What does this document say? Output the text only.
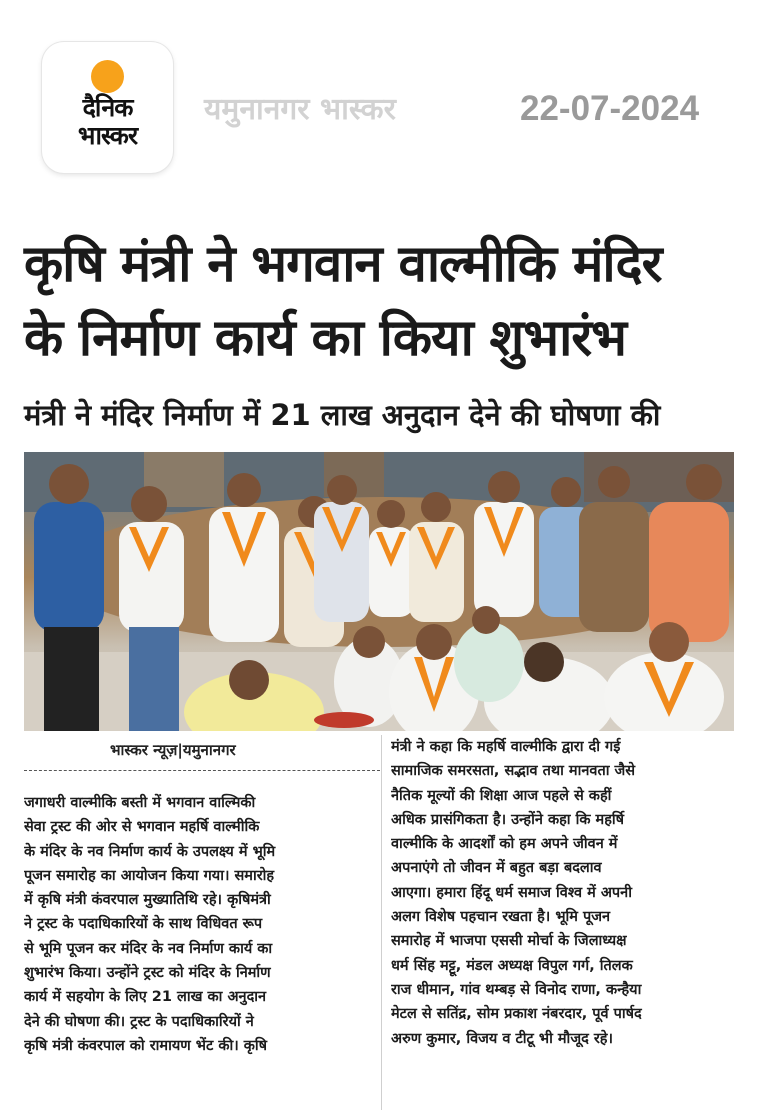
दैनिक
भास्कर
यमुनानगर भास्कर	22-07-2024
कृषि मंत्री ने भगवान वाल्मीकि मंदिर
के निर्माण कार्य का किया शुभारंभ
मंत्री ने मंदिर निर्माण में 21 लाख अनुदान देने की घोषणा की
भास्कर न्यूज़|यमुनानगर
जगाधरी वाल्मीकि बस्ती में भगवान वाल्मिकी
सेवा ट्रस्ट की ओर से भगवान महर्षि वाल्मीकि
के मंदिर के नव निर्माण कार्य के उपलक्ष्य में भूमि
पूजन समारोह का आयोजन किया गया। समारोह
में कृषि मंत्री कंवरपाल मुख्यातिथि रहे। कृषिमंत्री
ने ट्रस्ट के पदाधिकारियों के साथ विधिवत रूप
से भूमि पूजन कर मंदिर के नव निर्माण कार्य का
शुभारंभ किया। उन्होंने ट्रस्ट को मंदिर के निर्माण
कार्य में सहयोग के लिए 21 लाख का अनुदान
देने की घोषणा की। ट्रस्ट के पदाधिकारियों ने
कृषि मंत्री कंवरपाल को रामायण भेंट की। कृषि
मंत्री ने कहा कि महर्षि वाल्मीकि द्वारा दी गई
सामाजिक समरसता, सद्भाव तथा मानवता जैसे
नैतिक मूल्यों की शिक्षा आज पहले से कहीं
अधिक प्रासंगिकता है। उन्होंने कहा कि महर्षि
वाल्मीकि के आदर्शों को हम अपने जीवन में
अपनाएंगे तो जीवन में बहुत बड़ा बदलाव
आएगा। हमारा हिंदू धर्म समाज विश्व में अपनी
अलग विशेष पहचान रखता है। भूमि पूजन
समारोह में भाजपा एससी मोर्चा के जिलाध्यक्ष
धर्म सिंह मट्टू, मंडल अध्यक्ष विपुल गर्ग, तिलक
राज धीमान, गांव थम्बड़ से विनोद राणा, कन्हैया
मेटल से सतिंद्र, सोम प्रकाश नंबरदार, पूर्व पार्षद
अरुण कुमार, विजय व टीटू भी मौजूद रहे।
